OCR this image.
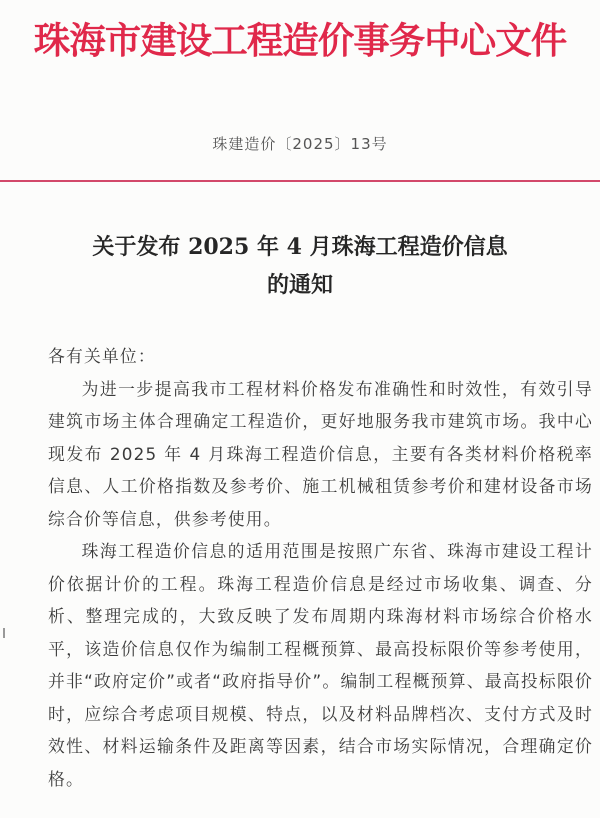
珠海市建设工程造价事务中心文件
珠建造价〔2025〕13号
关于发布 2025 年 4 月珠海工程造价信息
的通知

各有关单位：

为进一步提高我市工程材料价格发布准确性和时效性，有效引导建筑市场主体合理确定工程造价，更好地服务我市建筑市场。我中心现发布 2025 年 4 月珠海工程造价信息，主要有各类材料价格税率信息、人工价格指数及参考价、施工机械租赁参考价和建材设备市场综合价等信息，供参考使用。

珠海工程造价信息的适用范围是按照广东省、珠海市建设工程计价依据计价的工程。珠海工程造价信息是经过市场收集、调查、分析、整理完成的，大致反映了发布周期内珠海材料市场综合价格水平，该造价信息仅作为编制工程概预算、最高投标限价等参考使用，并非“政府定价”或者“政府指导价”。编制工程概预算、最高投标限价时，应综合考虑项目规模、特点，以及材料品牌档次、支付方式及时效性、材料运输条件及距离等因素，结合市场实际情况，合理确定价格。
